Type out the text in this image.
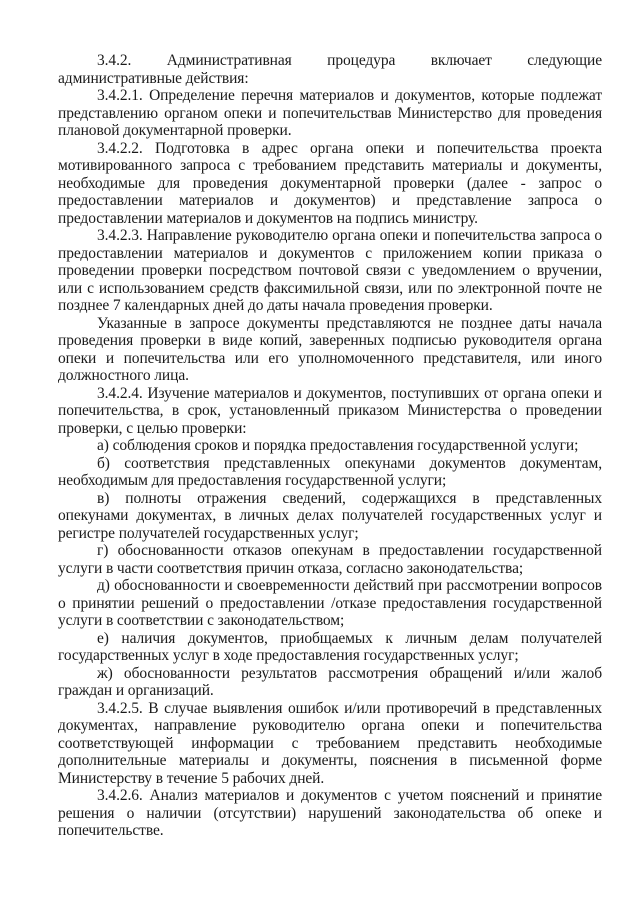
3.4.2. Административная процедура включает следующие административные действия:

3.4.2.1. Определение перечня материалов и документов, которые подлежат представлению органом опеки и попечительствав Министерство для проведения плановой документарной проверки.

3.4.2.2. Подготовка в адрес органа опеки и попечительства проекта мотивированного запроса с требованием представить материалы и документы, необходимые для проведения документарной проверки (далее - запрос о предоставлении материалов и документов) и представление запроса о предоставлении материалов и документов на подпись министру.

3.4.2.3. Направление руководителю органа опеки и попечительства запроса о предоставлении материалов и документов с приложением копии приказа о проведении проверки посредством почтовой связи с уведомлением о вручении, или с использованием средств факсимильной связи, или по электронной почте не позднее 7 календарных дней до даты начала проведения проверки.

Указанные в запросе документы представляются не позднее даты начала проведения проверки в виде копий, заверенных подписью руководителя органа опеки и попечительства или его уполномоченного представителя, или иного должностного лица.

3.4.2.4. Изучение материалов и документов, поступивших от органа опеки и попечительства, в срок, установленный приказом Министерства о проведении проверки, с целью проверки:

а) соблюдения сроков и порядка предоставления государственной услуги;

б) соответствия представленных опекунами документов документам, необходимым для предоставления государственной услуги;

в) полноты отражения сведений, содержащихся в представленных опекунами документах, в личных делах получателей государственных услуг и регистре получателей государственных услуг;

г) обоснованности отказов опекунам в предоставлении государственной услуги в части соответствия причин отказа, согласно законодательства;

д) обоснованности и своевременности действий при рассмотрении вопросов о принятии решений о предоставлении /отказе предоставления государственной услуги в соответствии с законодательством;

е) наличия документов, приобщаемых к личным делам получателей государственных услуг в ходе предоставления государственных услуг;

ж) обоснованности результатов рассмотрения обращений и/или жалоб граждан и организаций.

3.4.2.5. В случае выявления ошибок и/или противоречий в представленных документах, направление руководителю органа опеки и попечительства соответствующей информации с требованием представить необходимые дополнительные материалы и документы, пояснения в письменной форме Министерству в течение 5 рабочих дней.

3.4.2.6. Анализ материалов и документов с учетом пояснений и принятие решения о наличии (отсутствии) нарушений законодательства об опеке и попечительстве.
